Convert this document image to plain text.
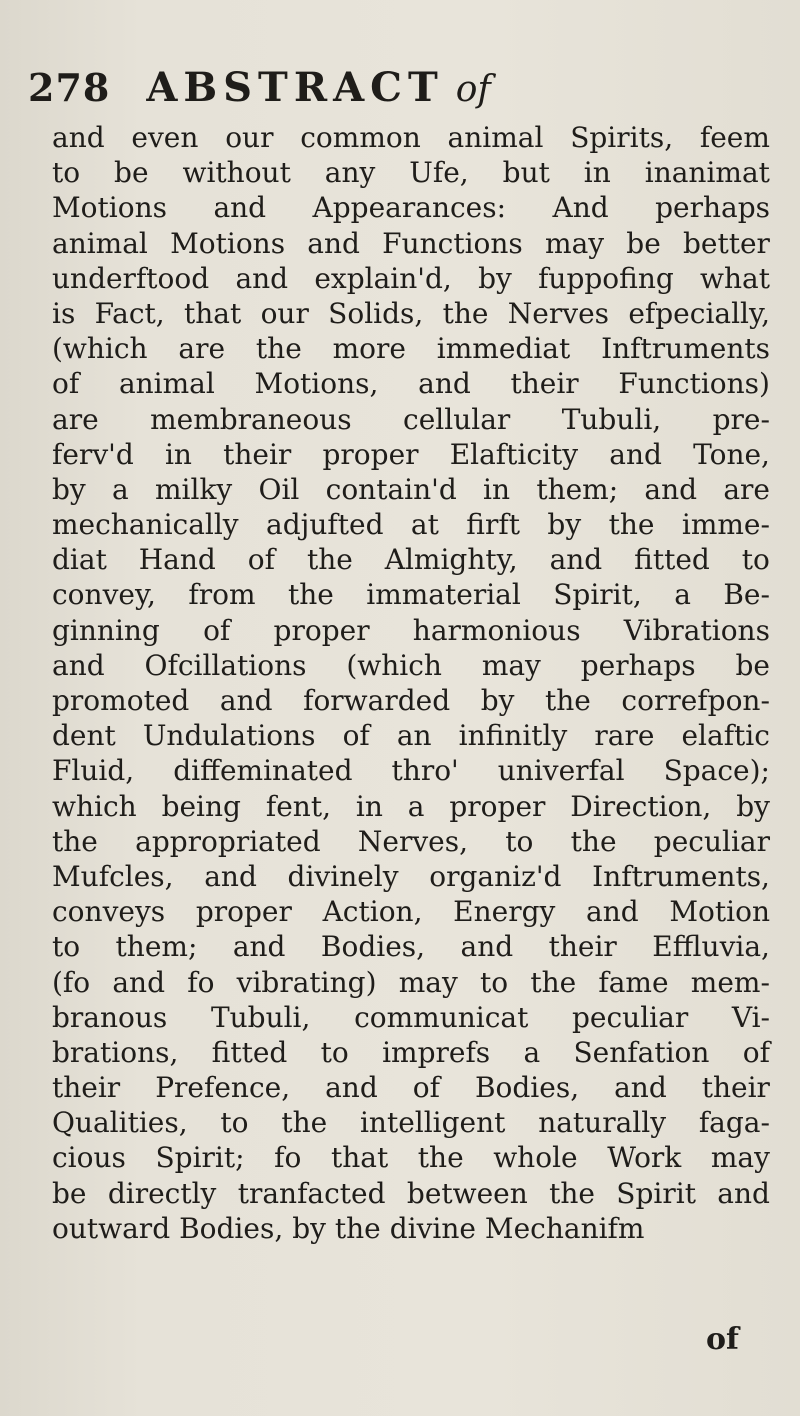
278 ABSTRACT of
and even our common animal Spirits, feem
to be without any Ufe, but in inanimat
Motions and Appearances: And perhaps
animal Motions and Functions may be better
underftood and explain'd, by fuppofing what
is Fact, that our Solids, the Nerves efpecially,
(which are the more immediat Inftruments
of animal Motions, and their Functions)
are membraneous cellular Tubuli, pre-
ferv'd in their proper Elafticity and Tone,
by a milky Oil contain'd in them; and are
mechanically adjufted at firft by the imme-
diat Hand of the Almighty, and fitted to
convey, from the immaterial Spirit, a Be-
ginning of proper harmonious Vibrations
and Ofcillations (which may perhaps be
promoted and forwarded by the correfpon-
dent Undulations of an infinitly rare elaftic
Fluid, diffeminated thro' univerfal Space);
which being fent, in a proper Direction, by
the appropriated Nerves, to the peculiar
Mufcles, and divinely organiz'd Inftruments,
conveys proper Action, Energy and Motion
to them; and Bodies, and their Effluvia,
(fo and fo vibrating) may to the fame mem-
branous Tubuli, communicat peculiar Vi-
brations, fitted to imprefs a Senfation of
their Prefence, and of Bodies, and their
Qualities, to the intelligent naturally faga-
cious Spirit; fo that the whole Work may
be directly tranfacted between the Spirit and
outward Bodies, by the divine Mechanifm
of
